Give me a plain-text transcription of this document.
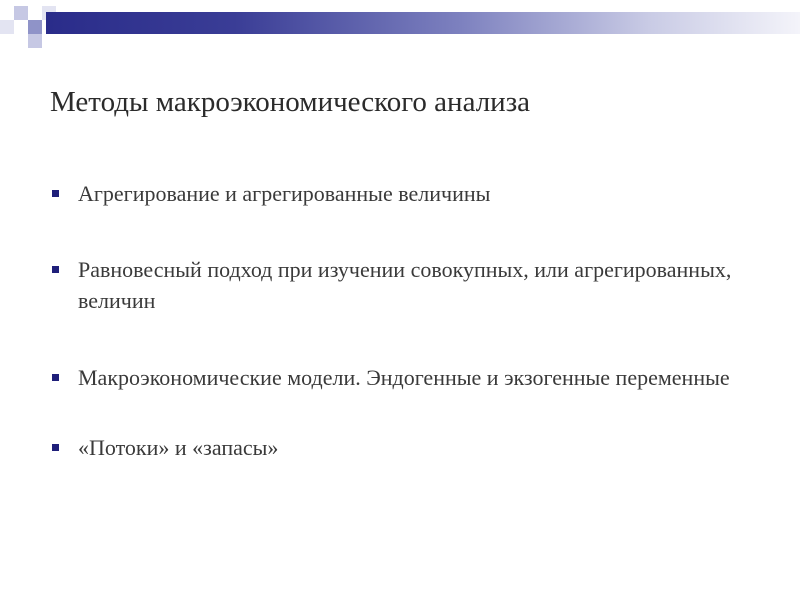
Методы макроэкономического анализа
Агрегирование и агрегированные величины
Равновесный подход при изучении совокупных, или агрегированных, величин
Макроэкономические модели. Эндогенные и экзогенные переменные
«Потоки» и «запасы»
